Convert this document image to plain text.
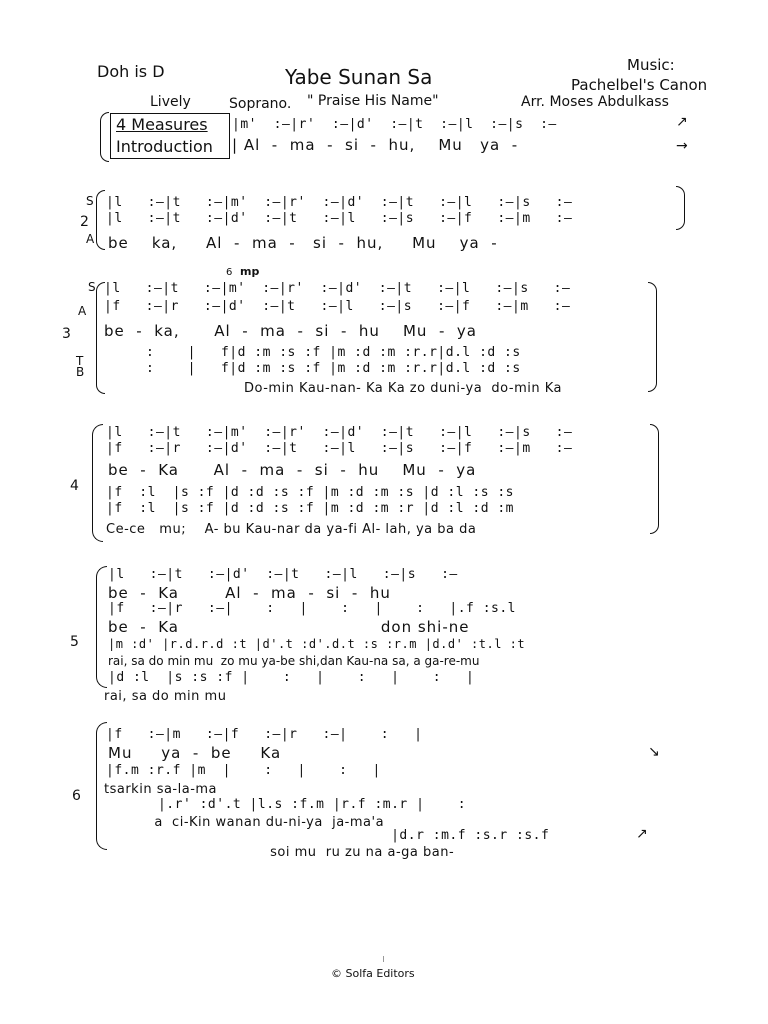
Doh is D	Yabe Sunan Sa	Music:
Pachelbel's Canon
Lively	Soprano. " Praise His Name"	Arr. Moses Abdulkass
4 Measures
Introduction
|m'  :—|r'  :—|d'  :—|t  :—|l  :—|s  :—
| Al  -  ma  -  si  -  hu,    Mu   ya  -
↗
→
S
2
A
|l   :—|t   :—|m'  :—|r'  :—|d'  :—|t   :—|l   :—|s   :—
|l   :—|t   :—|d'  :—|t   :—|l   :—|s   :—|f   :—|m   :—
be    ka,     Al  -  ma  -   si  -  hu,     Mu    ya  -
S
A
3
T
B
6 mp
|l   :—|t   :—|m'  :—|r'  :—|d'  :—|t   :—|l   :—|s   :—
|f   :—|r   :—|d'  :—|t   :—|l   :—|s   :—|f   :—|m   :—
be  -  ka,      Al  -  ma  -  si  -  hu    Mu  -  ya
:    |   f|d :m :s :f |m :d :m :r.r|d.l :d :s
:    |   f|d :m :s :f |m :d :m :r.r|d.l :d :s
Do-min Kau-nan- Ka Ka zo duni-ya  do-min Ka
4
|l   :—|t   :—|m'  :—|r'  :—|d'  :—|t   :—|l   :—|s   :—
|f   :—|r   :—|d'  :—|t   :—|l   :—|s   :—|f   :—|m   :—
be  -  Ka      Al  -  ma  -  si  -  hu    Mu  -  ya
|f  :l  |s :f |d :d :s :f |m :d :m :s |d :l :s :s
|f  :l  |s :f |d :d :s :f |m :d :m :r |d :l :d :m
Ce-ce   mu;    A- bu Kau-nar da ya-fi Al- lah, ya ba da
5
|l   :—|t   :—|d'  :—|t   :—|l   :—|s   :—
be  -  Ka        Al  -  ma  -  si  -  hu
|f   :—|r   :—|    :   |    :   |    :   |.f :s.l
be  -  Ka                                   don shi-ne
|m :d' |r.d.r.d :t |d'.t :d'.d.t :s :r.m |d.d' :t.l :t
rai, sa do min mu  zo mu ya-be shi,dan Kau-na sa, a ga-re-mu
|d :l  |s :s :f |    :   |    :   |    :   |
rai, sa do min mu
6
|f   :—|m   :—|f   :—|r   :—|    :   |
Mu     ya  -  be     Ka
|f.m :r.f |m  |    :   |    :   |
tsarkin sa-la-ma
|.r' :d'.t |l.s :f.m |r.f :m.r |    :
a  ci-Kin wanan du-ni-ya  ja-ma'a
|d.r :m.f :s.r :s.f
soi mu  ru zu na a-ga ban-
↘
↗
© Solfa Editors
